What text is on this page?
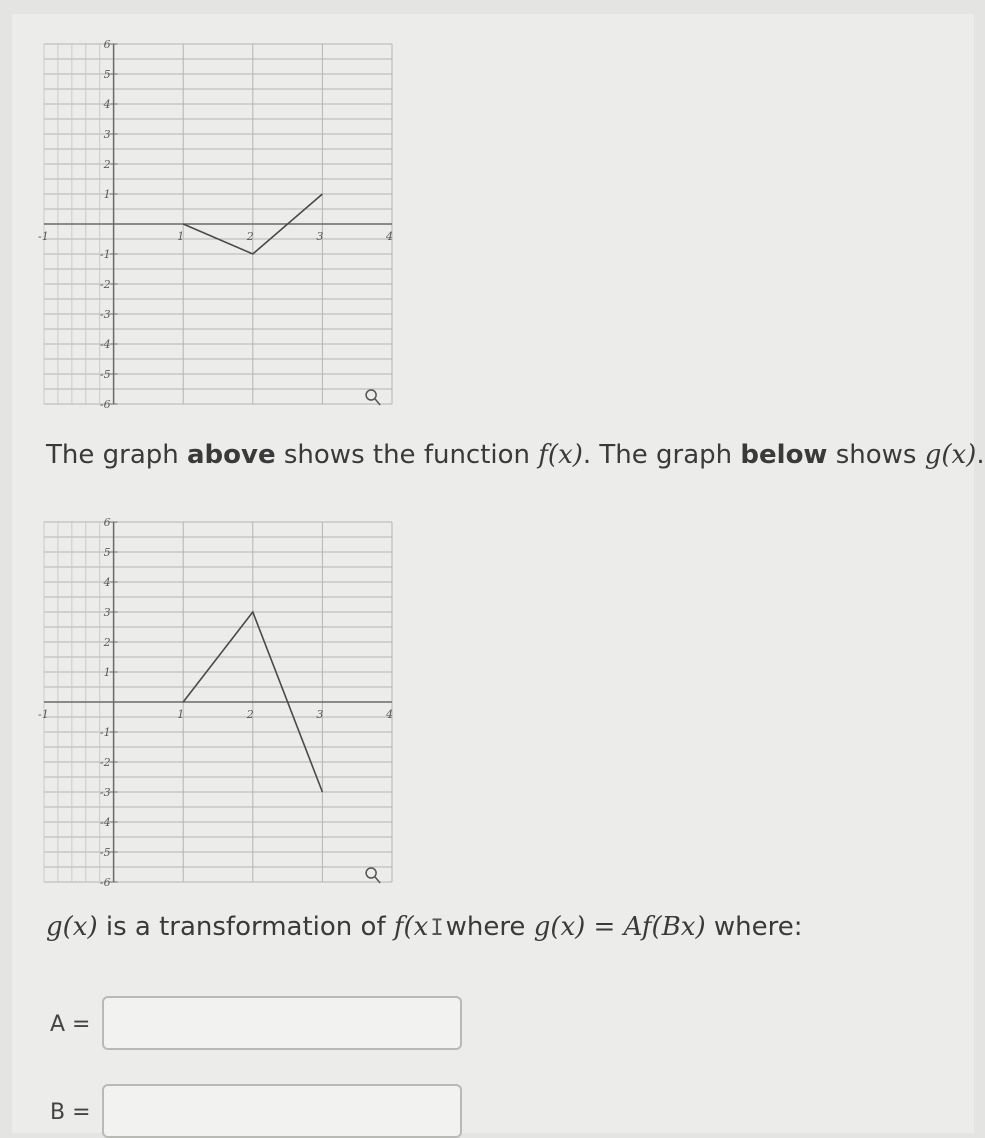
6
5
4
3
2
1
-1
-2
-3
-4
-5
-6
-1	1	2	3	4
The graph above shows the function f(x). The graph below shows g(x).
6
5
4
3
2
1
-1
-2
-3
-4
-5
-6
-1	1	2	3	4
g(x) is a transformation of f(xIwhere g(x) = Af(Bx) where:
A =
B =
